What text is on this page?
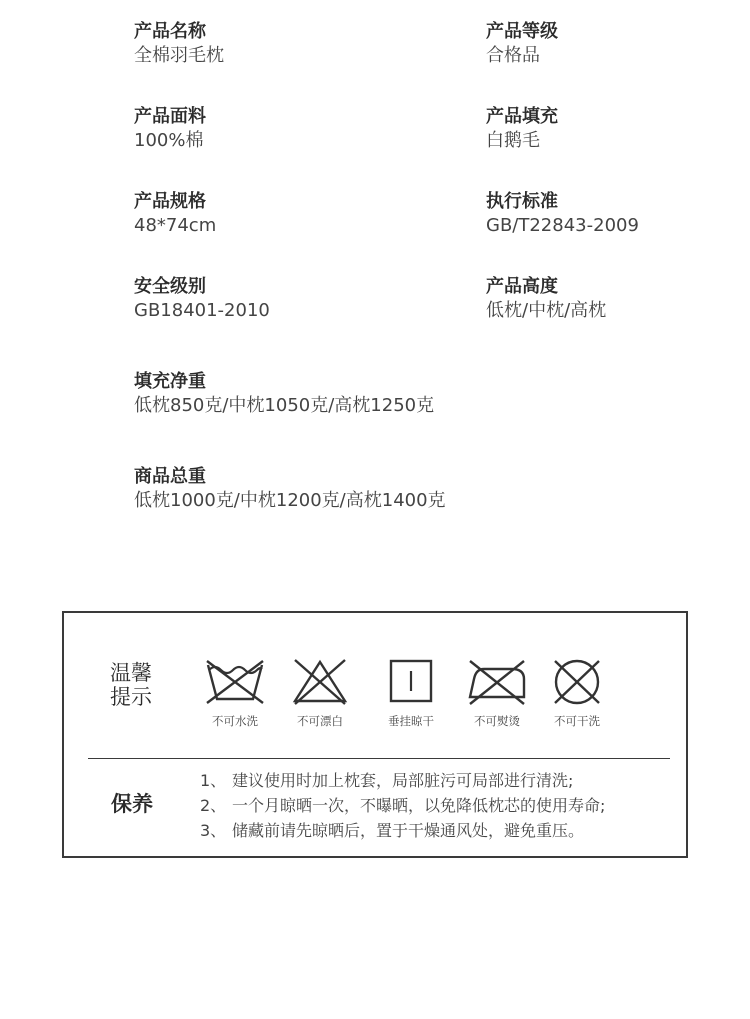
产品名称
全棉羽毛枕
产品等级
合格品
产品面料
100%棉
产品填充
白鹅毛
产品规格
48*74cm
执行标准
GB/T22843-2009
安全级别
GB18401-2010
产品高度
低枕/中枕/高枕
填充净重
低枕850克/中枕1050克/高枕1250克
商品总重
低枕1000克/中枕1200克/高枕1400克
温馨
提示
不可水洗	不可漂白	垂挂晾干	不可熨烫	不可干洗
保养
1、 建议使用时加上枕套，局部脏污可局部进行清洗;
2、 一个月晾晒一次，不曝晒，以免降低枕芯的使用寿命;
3、 储藏前请先晾晒后，置于干燥通风处，避免重压。
